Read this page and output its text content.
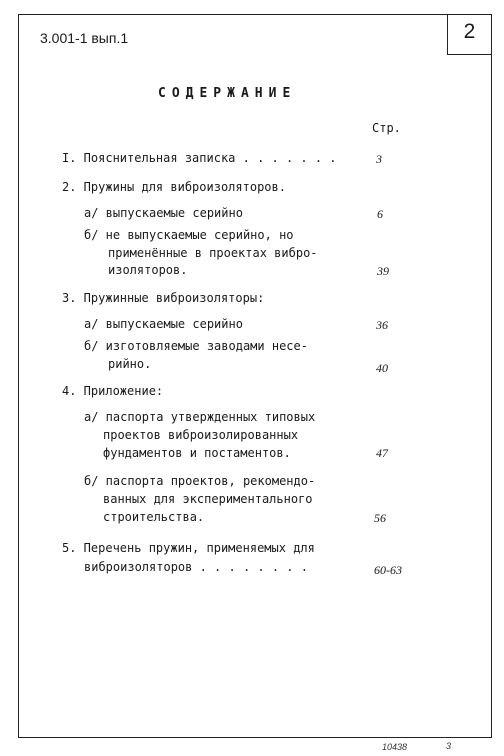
3.001-1 вып.1	2
СОДЕРЖАНИЕ
Стр.
I. Пояснительная записка . . . . . . .	3
2. Пружины для виброизоляторов.
а/ выпускаемые серийно	6
б/ не выпускаемые серийно, но
применённые в проектах вибро-
изоляторов.	39
3. Пружинные виброизоляторы:
а/ выпускаемые серийно	36
б/ изготовляемые заводами несе-
рийно.	40
4. Приложение:
а/ паспорта утвержденных типовых
проектов виброизолированных
фундаментов и постаментов.	47
б/ паспорта проектов, рекомендо-
ванных для экспериментального
строительства.	56
5. Перечень пружин, применяемых для
виброизоляторов . . . . . . . .	60-63
10438	3
